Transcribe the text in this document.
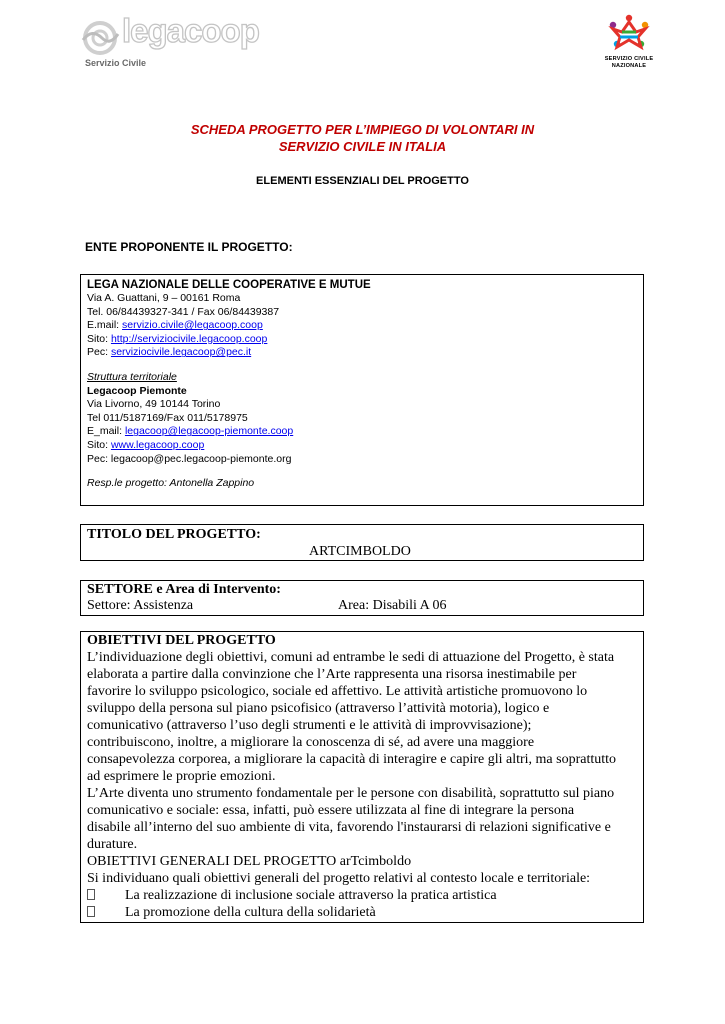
legacoop
Servizio Civile	SERVIZIO CIVILE
NAZIONALE
SCHEDA PROGETTO PER L’IMPIEGO DI VOLONTARI IN
SERVIZIO CIVILE IN ITALIA
ELEMENTI ESSENZIALI DEL PROGETTO
ENTE PROPONENTE IL PROGETTO:
LEGA NAZIONALE DELLE COOPERATIVE E MUTUE
Via A. Guattani, 9 – 00161 Roma
Tel. 06/84439327-341 / Fax 06/84439387
E.mail: servizio.civile@legacoop.coop
Sito: http://serviziocivile.legacoop.coop
Pec: serviziocivile.legacoop@pec.it
Struttura territoriale
Legacoop Piemonte
Via Livorno, 49 10144 Torino
Tel 011/5187169/Fax 011/5178975
E_mail: legacoop@legacoop-piemonte.coop
Sito: www.legacoop.coop
Pec: legacoop@pec.legacoop-piemonte.org
Resp.le progetto: Antonella Zappino
TITOLO DEL PROGETTO:
ARTCIMBOLDO
SETTORE e Area di Intervento:
Settore: Assistenza	Area: Disabili A 06
OBIETTIVI DEL PROGETTO
L’individuazione degli obiettivi, comuni ad entrambe le sedi di attuazione del Progetto, è stata
elaborata a partire dalla convinzione che l’Arte rappresenta una risorsa inestimabile per
favorire lo sviluppo psicologico, sociale ed affettivo. Le attività artistiche promuovono lo
sviluppo della persona sul piano psicofisico (attraverso l’attività motoria), logico e
comunicativo (attraverso l’uso degli strumenti e le attività di improvvisazione);
contribuiscono, inoltre, a migliorare la conoscenza di sé, ad avere una maggiore
consapevolezza corporea, a migliorare la capacità di interagire e capire gli altri, ma soprattutto
ad esprimere le proprie emozioni.
L’Arte diventa uno strumento fondamentale per le persone con disabilità, soprattutto sul piano
comunicativo e sociale: essa, infatti, può essere utilizzata al fine di integrare la persona
disabile all’interno del suo ambiente di vita, favorendo l'instaurarsi di relazioni significative e
durature.
OBIETTIVI GENERALI DEL PROGETTO arTcimboldo
Si individuano quali obiettivi generali del progetto relativi al contesto locale e territoriale:
La realizzazione di inclusione sociale attraverso la pratica artistica
La promozione della cultura della solidarietà
